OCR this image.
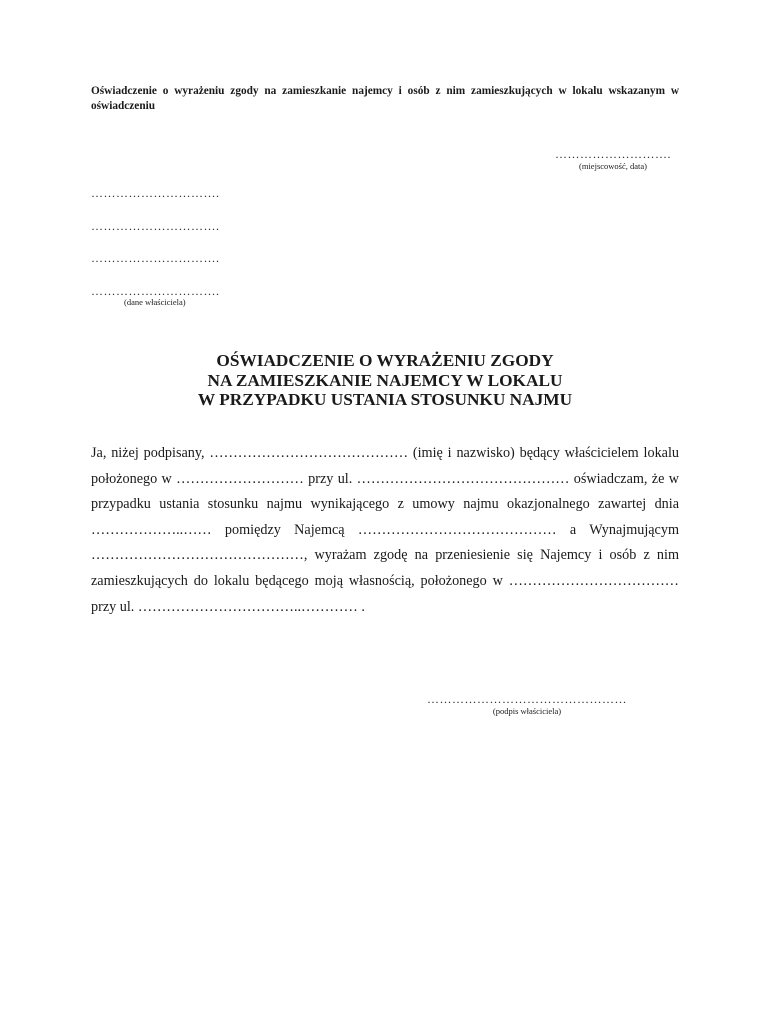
Oświadczenie o wyrażeniu zgody na zamieszkanie najemcy i osób z nim zamieszkujących w lokalu wskazanym w oświadczeniu
……………………….
(miejscowość, data)
………………………….
………………………….
………………………….
………………………….
(dane właściciela)
OŚWIADCZENIE O WYRAŻENIU ZGODY
NA ZAMIESZKANIE NAJEMCY W LOKALU
W PRZYPADKU USTANIA STOSUNKU NAJMU
Ja, niżej podpisany, …………………………………… (imię i nazwisko) będący właścicielem lokalu położonego w ……………………… przy ul. ……………………………………… oświadczam, że w przypadku ustania stosunku najmu wynikającego z umowy najmu okazjonalnego zawartej dnia ………………..…… pomiędzy Najemcą …………………………………… a Wynajmującym ………………………………………, wyrażam zgodę na przeniesienie się Najemcy i osób z nim zamieszkujących do lokalu będącego moją własnością, położonego w ……………………………… przy ul. ……………………………..………… .
…………………………………………
(podpis właściciela)
